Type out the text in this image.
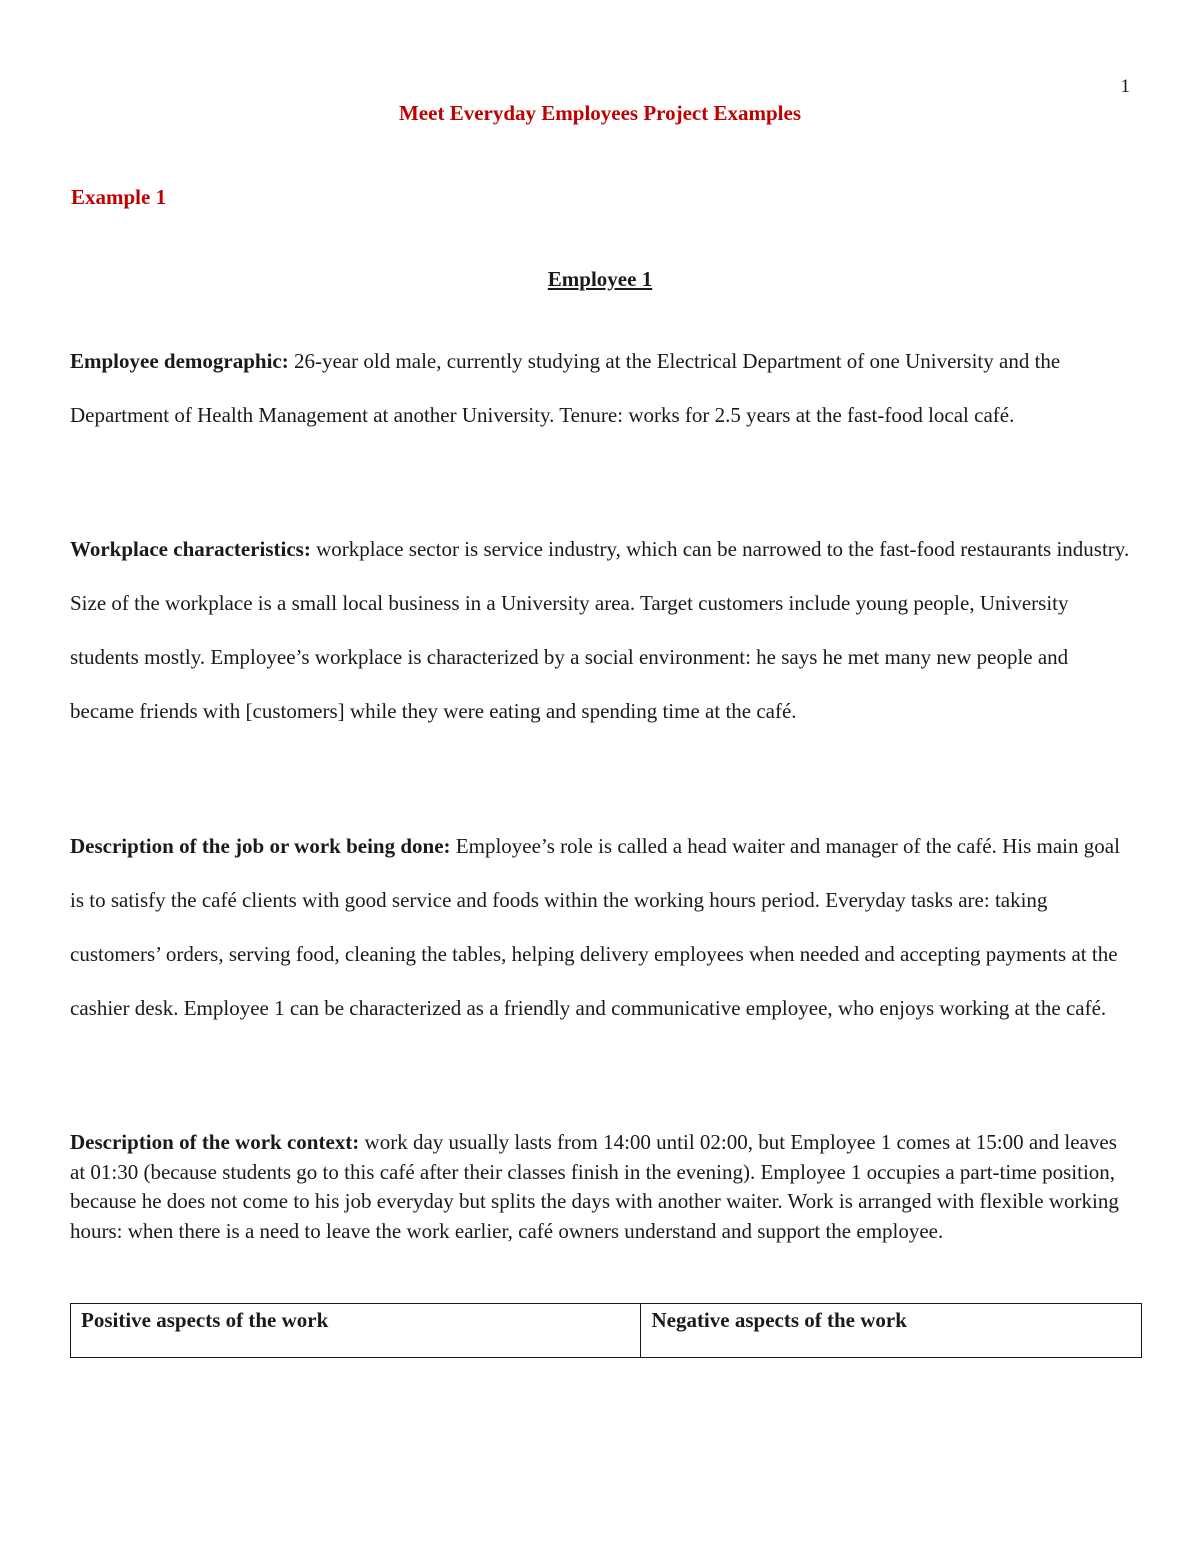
1
Meet Everyday Employees Project Examples
Example 1
Employee 1

Employee demographic: 26-year old male, currently studying at the Electrical Department of one University and the Department of Health Management at another University. Tenure: works for 2.5 years at the fast-food local café.

Workplace characteristics: workplace sector is service industry, which can be narrowed to the fast-food restaurants industry. Size of the workplace is a small local business in a University area. Target customers include young people, University students mostly. Employee’s workplace is characterized by a social environment: he says he met many new people and became friends with [customers] while they were eating and spending time at the café.

Description of the job or work being done: Employee’s role is called a head waiter and manager of the café. His main goal is to satisfy the café clients with good service and foods within the working hours period. Everyday tasks are: taking customers’ orders, serving food, cleaning the tables, helping delivery employees when needed and accepting payments at the cashier desk. Employee 1 can be characterized as a friendly and communicative employee, who enjoys working at the café.

Description of the work context: work day usually lasts from 14:00 until 02:00, but Employee 1 comes at 15:00 and leaves at 01:30 (because students go to this café after their classes finish in the evening). Employee 1 occupies a part-time position, because he does not come to his job everyday but splits the days with another waiter. Work is arranged with flexible working hours: when there is a need to leave the work earlier, café owners understand and support the employee.

Positive aspects of the work	Negative aspects of the work
